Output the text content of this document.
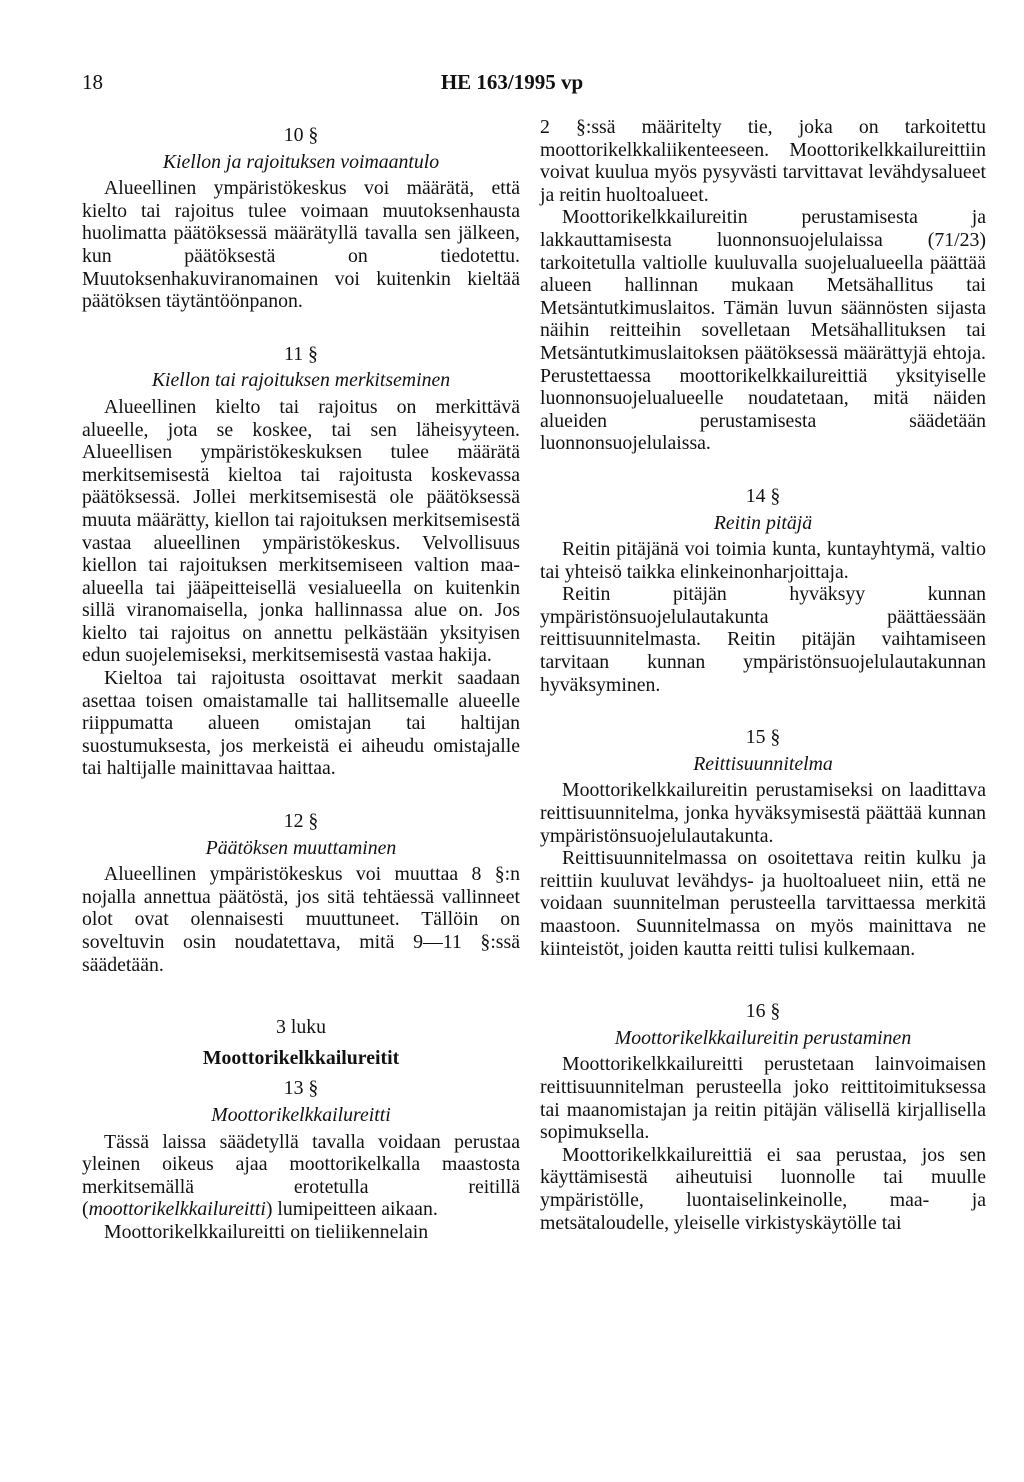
18	HE 163/1995 vp
10 §
Kiellon ja rajoituksen voimaantulo

Alueellinen ympäristökeskus voi määrätä, että kielto tai rajoitus tulee voimaan muutoksenhausta huolimatta päätöksessä määrätyllä tavalla sen jälkeen, kun päätöksestä on tiedotettu. Muutoksenhakuviranomainen voi kuitenkin kieltää päätöksen täytäntöönpanon.

11 §
Kiellon tai rajoituksen merkitseminen

Alueellinen kielto tai rajoitus on merkittävä alueelle, jota se koskee, tai sen läheisyyteen. Alueellisen ympäristökeskuksen tulee määrätä merkitsemisestä kieltoa tai rajoitusta koskevassa päätöksessä. Jollei merkitsemisestä ole päätöksessä muuta määrätty, kiellon tai rajoituksen merkitsemisestä vastaa alueellinen ympäristökeskus. Velvollisuus kiellon tai rajoituksen merkitsemiseen valtion maa-alueella tai jääpeitteisellä vesialueella on kuitenkin sillä viranomaisella, jonka hallinnassa alue on. Jos kielto tai rajoitus on annettu pelkästään yksityisen edun suojelemiseksi, merkitsemisestä vastaa hakija.

Kieltoa tai rajoitusta osoittavat merkit saadaan asettaa toisen omaistamalle tai hallitsemalle alueelle riippumatta alueen omistajan tai haltijan suostumuksesta, jos merkeistä ei aiheudu omistajalle tai haltijalle mainittavaa haittaa.

12 §
Päätöksen muuttaminen

Alueellinen ympäristökeskus voi muuttaa 8 §:n nojalla annettua päätöstä, jos sitä tehtäessä vallinneet olot ovat olennaisesti muuttuneet. Tällöin on soveltuvin osin noudatettava, mitä 9—11 §:ssä säädetään.

3 luku
Moottorikelkkailureitit
13 §
Moottorikelkkailureitti

Tässä laissa säädetyllä tavalla voidaan perustaa yleinen oikeus ajaa moottorikelkalla maastosta merkitsemällä erotetulla reitillä (moottorikelkkailureitti) lumipeitteen aikaan.

Moottorikelkkailureitti on tieliikennelain

2 §:ssä määritelty tie, joka on tarkoitettu moottorikelkkaliikenteeseen. Moottorikelkkailureittiin voivat kuulua myös pysyvästi tarvittavat levähdysalueet ja reitin huoltoalueet.

Moottorikelkkailureitin perustamisesta ja lakkauttamisesta luonnonsuojelulaissa (71/23) tarkoitetulla valtiolle kuuluvalla suojelualueella päättää alueen hallinnan mukaan Metsähallitus tai Metsäntutkimuslaitos. Tämän luvun säännösten sijasta näihin reitteihin sovelletaan Metsähallituksen tai Metsäntutkimuslaitoksen päätöksessä määrättyjä ehtoja. Perustettaessa moottorikelkkailureittiä yksityiselle luonnonsuojelualueelle noudatetaan, mitä näiden alueiden perustamisesta säädetään luonnonsuojelulaissa.

14 §
Reitin pitäjä

Reitin pitäjänä voi toimia kunta, kuntayhtymä, valtio tai yhteisö taikka elinkeinonharjoittaja.

Reitin pitäjän hyväksyy kunnan ympäristönsuojelulautakunta päättäessään reittisuunnitelmasta. Reitin pitäjän vaihtamiseen tarvitaan kunnan ympäristönsuojelulautakunnan hyväksyminen.

15 §
Reittisuunnitelma

Moottorikelkkailureitin perustamiseksi on laadittava reittisuunnitelma, jonka hyväksymisestä päättää kunnan ympäristönsuojelulautakunta.

Reittisuunnitelmassa on osoitettava reitin kulku ja reittiin kuuluvat levähdys- ja huoltoalueet niin, että ne voidaan suunnitelman perusteella tarvittaessa merkitä maastoon. Suunnitelmassa on myös mainittava ne kiinteistöt, joiden kautta reitti tulisi kulkemaan.

16 §
Moottorikelkkailureitin perustaminen

Moottorikelkkailureitti perustetaan lainvoimaisen reittisuunnitelman perusteella joko reittitoimituksessa tai maanomistajan ja reitin pitäjän välisellä kirjallisella sopimuksella.

Moottorikelkkailureittiä ei saa perustaa, jos sen käyttämisestä aiheutuisi luonnolle tai muulle ympäristölle, luontaiselinkeinolle, maa- ja metsätaloudelle, yleiselle virkistyskäytölle tai
